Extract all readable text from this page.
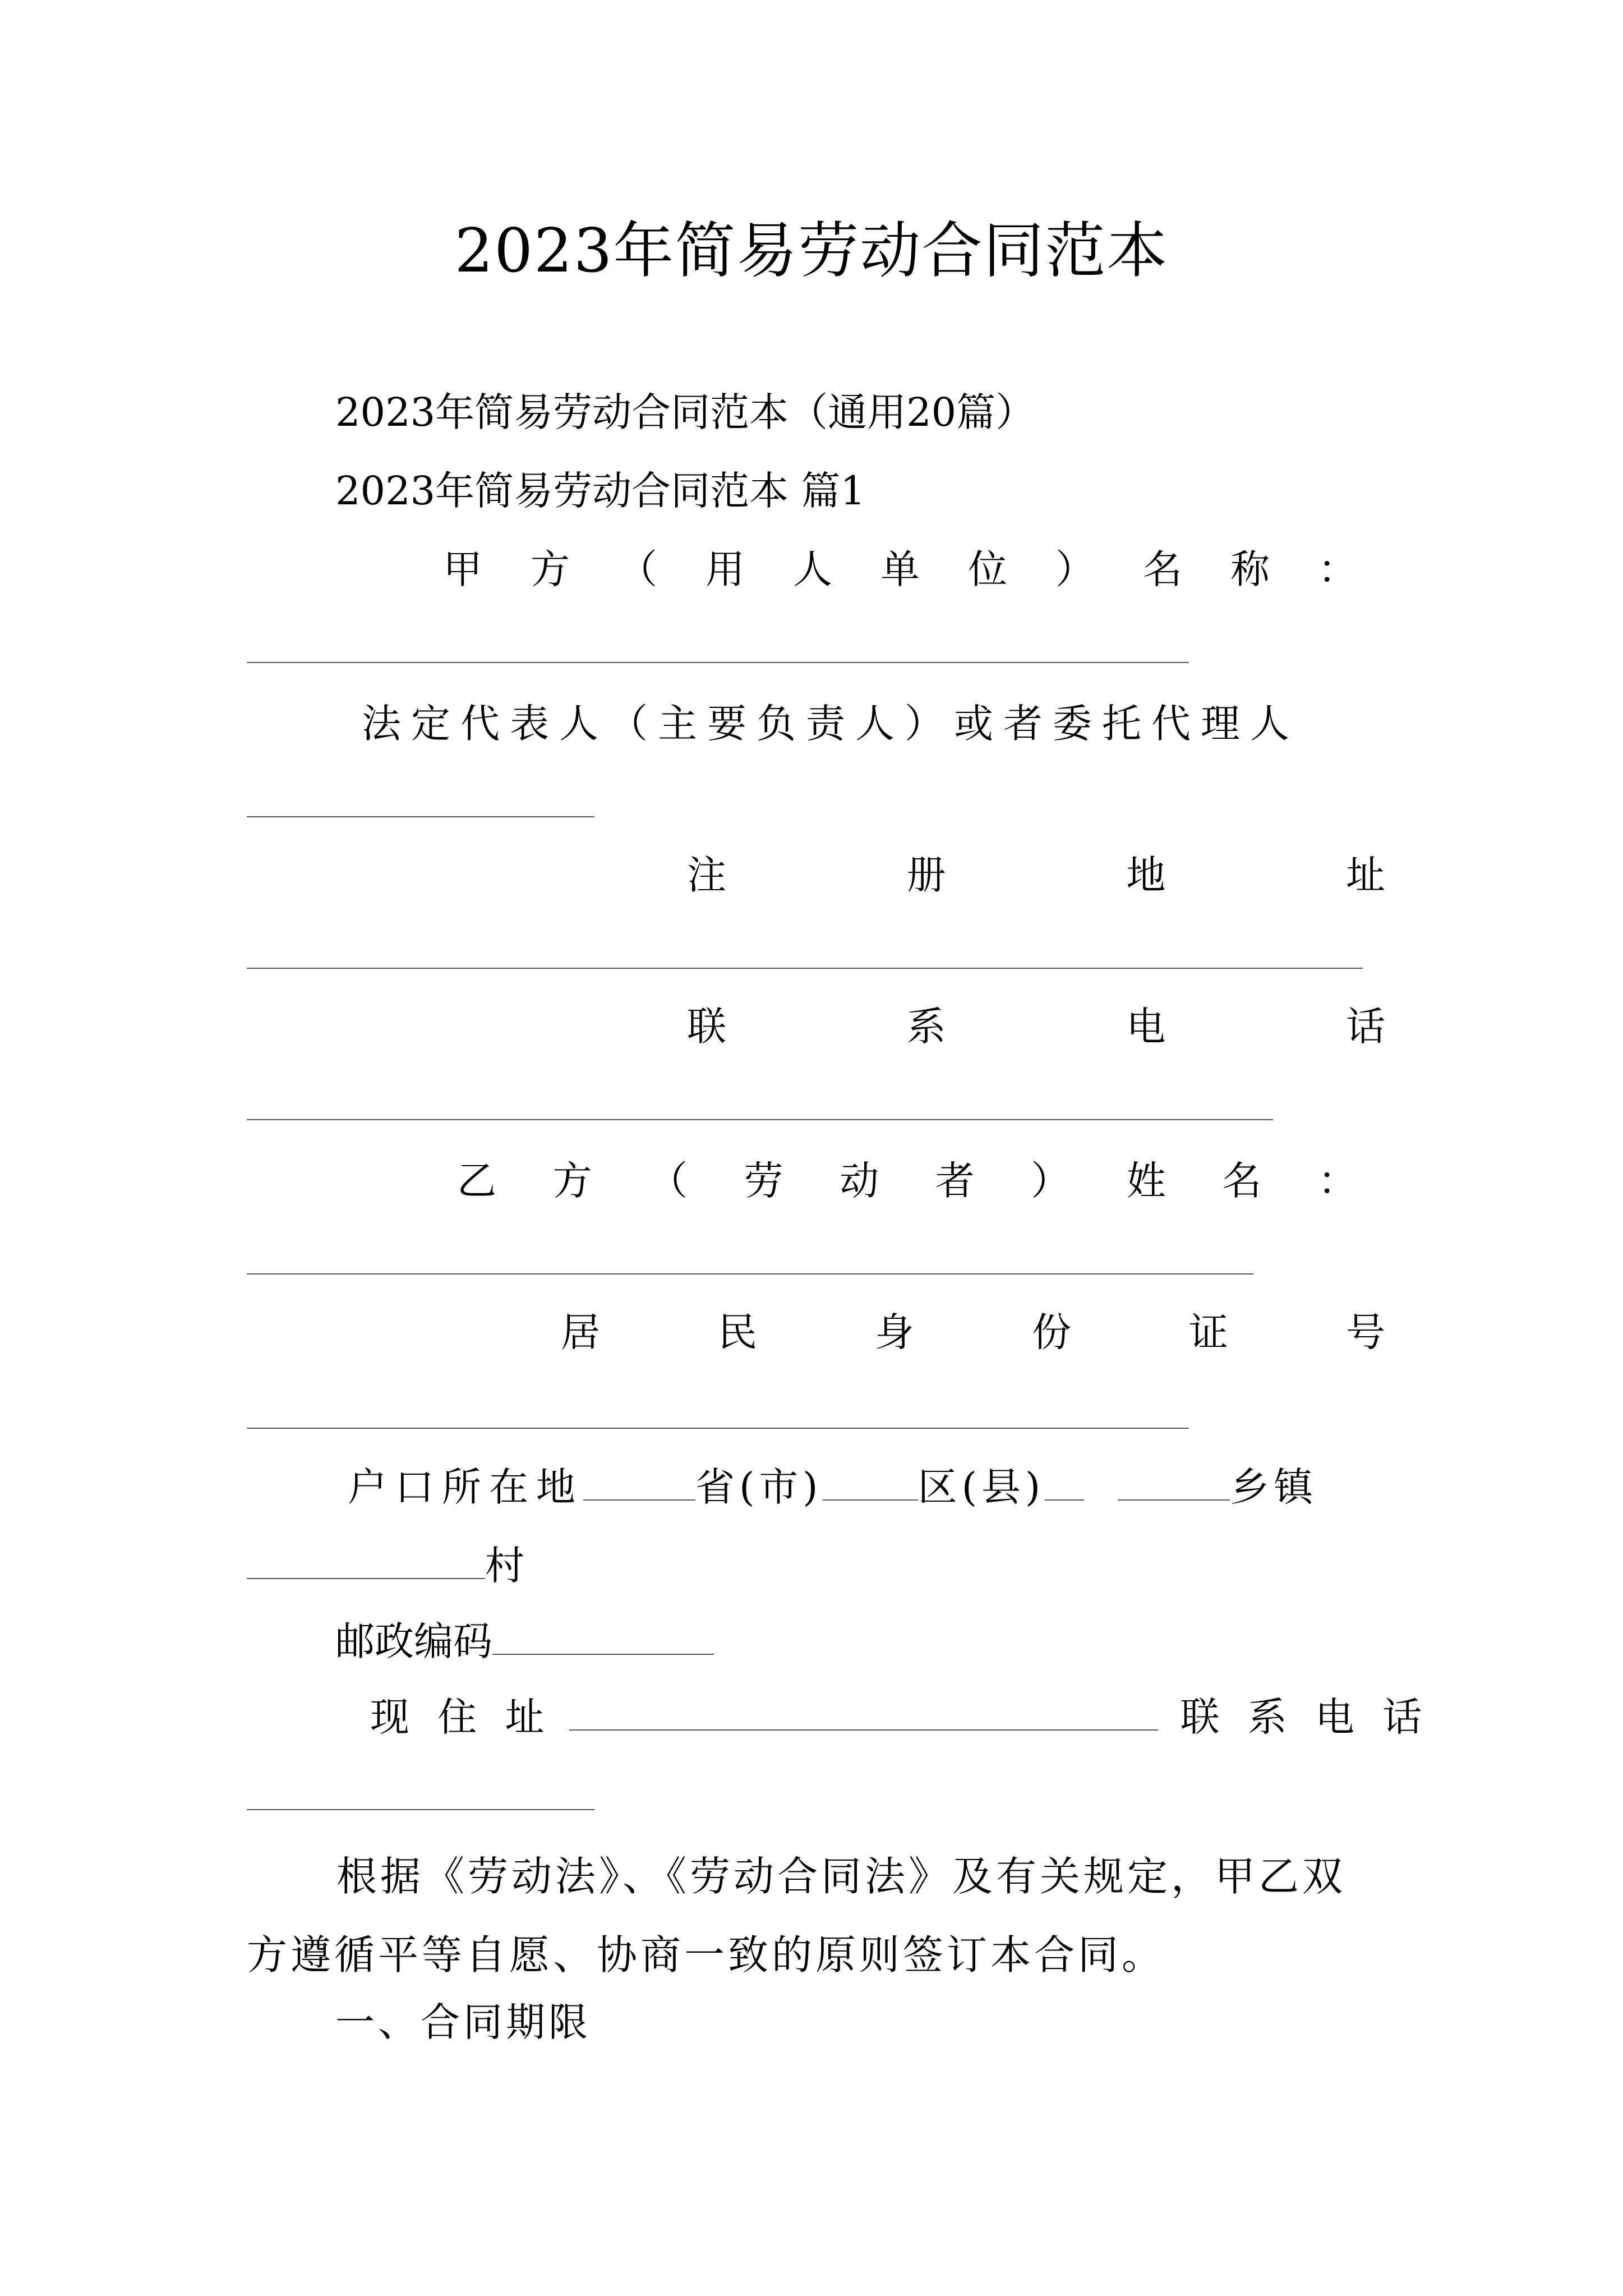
2023年简易劳动合同范本
2023年简易劳动合同范本（通用20篇）
2023年简易劳动合同范本 篇1
甲 方 （ 用 人 单 位 ） 名 称 ：
法定代表人（主要负责人）或者委托代理人
注	册	地	址
联	系	电	话
乙 方 （ 劳 动 者 ） 姓 名 ：
居	民	身	份	证	号
户口所在地	省(市) 区(县)	乡镇
村
邮政编码
现 住 址	联 系 电 话
根据《劳动法》、《劳动合同法》及有关规定，甲乙双方遵循平等自愿、协商一致的原则签订本合同。
一、合同期限
